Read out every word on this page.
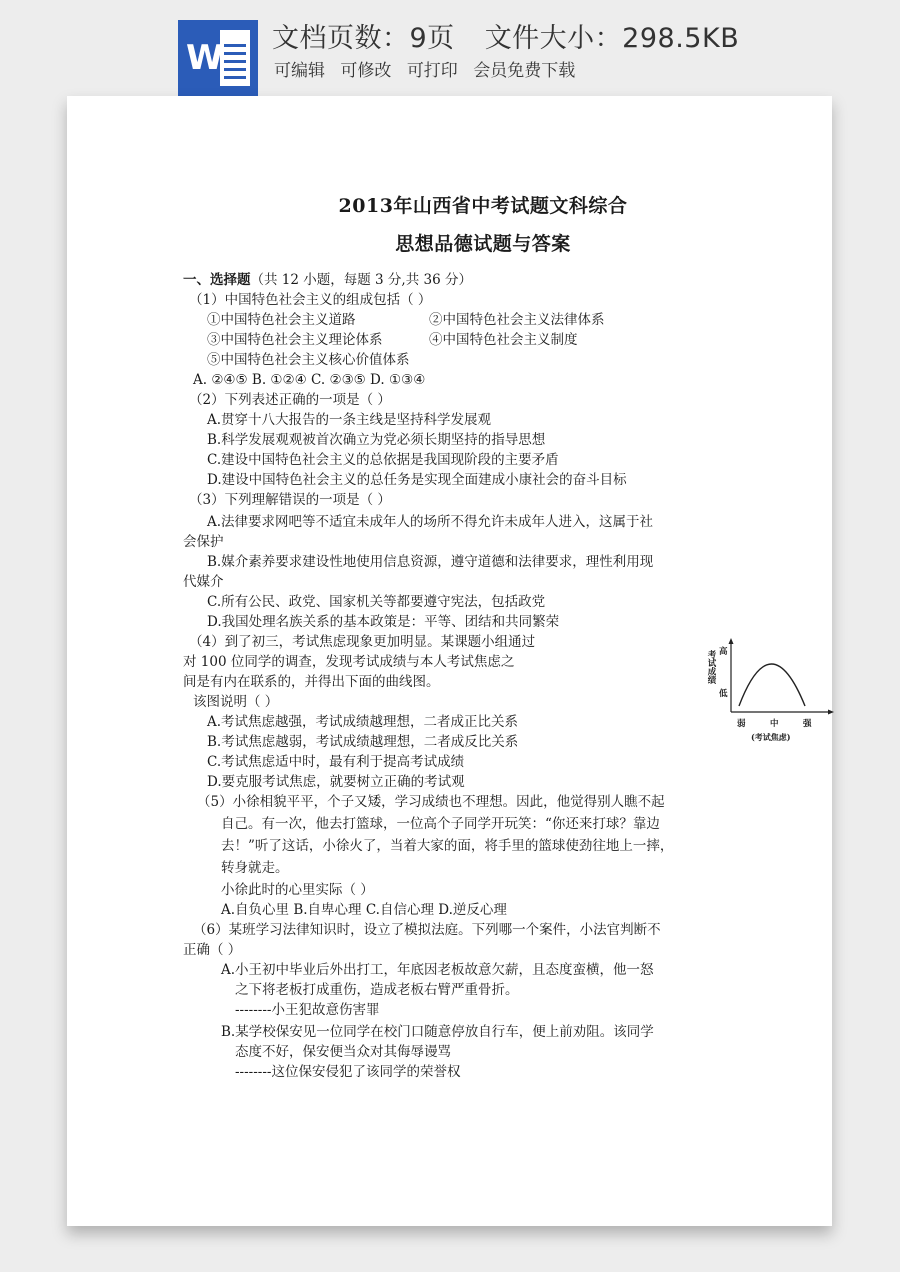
W 文档页数：9页 文件大小：298.5KB
可编辑 可修改 可打印 会员免费下载
2013年山西省中考试题文科综合
思想品德试题与答案
一、选择题（共 12 小题，每题 3 分,共 36 分）
（1）中国特色社会主义的组成包括（ ）
①中国特色社会主义道路	②中国特色社会主义法律体系
③中国特色社会主义理论体系	④中国特色社会主义制度
⑤中国特色社会主义核心价值体系
A. ②④⑤ B. ①②④ C. ②③⑤ D. ①③④
（2）下列表述正确的一项是（ ）
A.贯穿十八大报告的一条主线是坚持科学发展观
B.科学发展观观被首次确立为党必须长期坚持的指导思想
C.建设中国特色社会主义的总依据是我国现阶段的主要矛盾
D.建设中国特色社会主义的总任务是实现全面建成小康社会的奋斗目标
（3）下列理解错误的一项是（ ）
A.法律要求网吧等不适宜未成年人的场所不得允许未成年人进入，这属于社
会保护
B.媒介素养要求建设性地使用信息资源，遵守道德和法律要求，理性利用现
代媒介
C.所有公民、政党、国家机关等都要遵守宪法，包括政党
D.我国处理名族关系的基本政策是：平等、团结和共同繁荣
（4）到了初三，考试焦虑现象更加明显。某课题小组通过
对 100 位同学的调查，发现考试成绩与本人考试焦虑之
间是有内在联系的，并得出下面的曲线图。
该图说明（ ）
A.考试焦虑越强，考试成绩越理想，二者成正比关系
B.考试焦虑越弱，考试成绩越理想，二者成反比关系
C.考试焦虑适中时，最有利于提高考试成绩
D.要克服考试焦虑，就要树立正确的考试观
高
考试成绩
低
弱	中	强
(考试焦虑)
（5）小徐相貌平平，个子又矮，学习成绩也不理想。因此，他觉得别人瞧不起
自己。有一次，他去打篮球，一位高个子同学开玩笑：“你还来打球？靠边
去！”听了这话，小徐火了，当着大家的面，将手里的篮球使劲往地上一摔，
转身就走。
小徐此时的心里实际（ ）
A.自负心里 B.自卑心理 C.自信心理 D.逆反心理
（6）某班学习法律知识时，设立了模拟法庭。下列哪一个案件，小法官判断不
正确（ ）
A.小王初中毕业后外出打工，年底因老板故意欠薪，且态度蛮横，他一怒
之下将老板打成重伤，造成老板右臂严重骨折。
--------小王犯故意伤害罪
B.某学校保安见一位同学在校门口随意停放自行车，便上前劝阻。该同学
态度不好，保安便当众对其侮辱谩骂
--------这位保安侵犯了该同学的荣誉权
